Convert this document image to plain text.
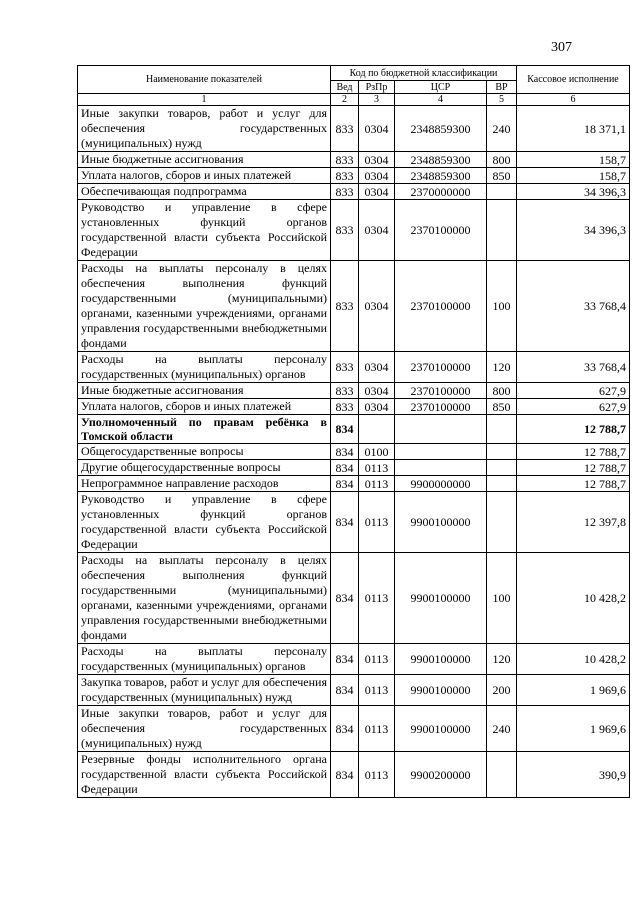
307
Наименование показателей	Код по бюджетной классификации				Кассовое исполнение
	Вед	РзПр	ЦСР	ВР	
1	2	3	4	5	6
Иные закупки товаров, работ и услуг для обеспечения государственных (муниципальных) нужд	833	0304	2348859300	240	18 371,1
Иные бюджетные ассигнования	833	0304	2348859300	800	158,7
Уплата налогов, сборов и иных платежей	833	0304	2348859300	850	158,7
Обеспечивающая подпрограмма	833	0304	2370000000		34 396,3
Руководство и управление в сфере установленных функций органов государственной власти субъекта Российской Федерации	833	0304	2370100000		34 396,3
Расходы на выплаты персоналу в целях обеспечения выполнения функций государственными (муниципальными) органами, казенными учреждениями, органами управления государственными внебюджетными фондами	833	0304	2370100000	100	33 768,4
Расходы на выплаты персоналу государственных (муниципальных) органов	833	0304	2370100000	120	33 768,4
Иные бюджетные ассигнования	833	0304	2370100000	800	627,9
Уплата налогов, сборов и иных платежей	833	0304	2370100000	850	627,9
Уполномоченный по правам ребёнка в Томской области	834				12 788,7
Общегосударственные вопросы	834	0100			12 788,7
Другие общегосударственные вопросы	834	0113			12 788,7
Непрограммное направление расходов	834	0113	9900000000		12 788,7
Руководство и управление в сфере установленных функций органов государственной власти субъекта Российской Федерации	834	0113	9900100000		12 397,8
Расходы на выплаты персоналу в целях обеспечения выполнения функций государственными (муниципальными) органами, казенными учреждениями, органами управления государственными внебюджетными фондами	834	0113	9900100000	100	10 428,2
Расходы на выплаты персоналу государственных (муниципальных) органов	834	0113	9900100000	120	10 428,2
Закупка товаров, работ и услуг для обеспечения государственных (муниципальных) нужд	834	0113	9900100000	200	1 969,6
Иные закупки товаров, работ и услуг для обеспечения государственных (муниципальных) нужд	834	0113	9900100000	240	1 969,6
Резервные фонды исполнительного органа государственной власти субъекта Российской Федерации	834	0113	9900200000		390,9
